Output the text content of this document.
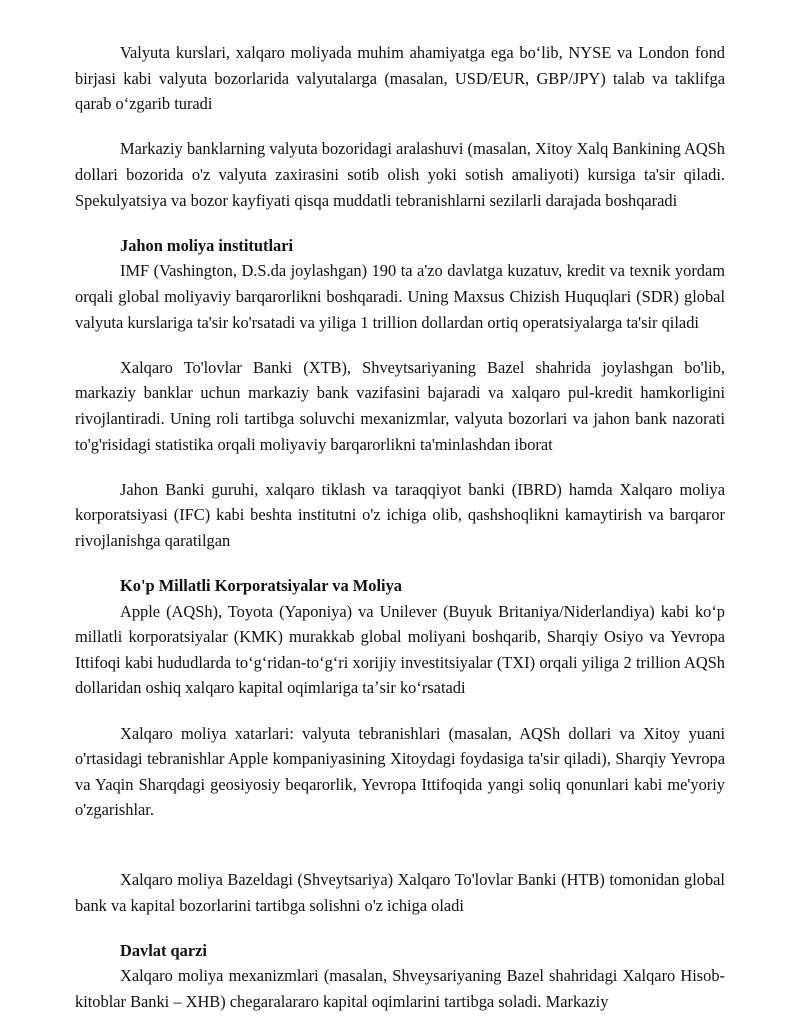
Valyuta kurslari, xalqaro moliyada muhim ahamiyatga ega boʻlib, NYSE va London fond birjasi kabi valyuta bozorlarida valyutalarga (masalan, USD/EUR, GBP/JPY) talab va taklifga qarab oʻzgarib turadi

Markaziy banklarning valyuta bozoridagi aralashuvi (masalan, Xitoy Xalq Bankining AQSh dollari bozorida o'z valyuta zaxirasini sotib olish yoki sotish amaliyoti) kursiga ta'sir qiladi. Spekulyatsiya va bozor kayfiyati qisqa muddatli tebranishlarni sezilarli darajada boshqaradi

Jahon moliya institutlari

IMF (Vashington, D.S.da joylashgan) 190 ta a'zo davlatga kuzatuv, kredit va texnik yordam orqali global moliyaviy barqarorlikni boshqaradi. Uning Maxsus Chizish Huquqlari (SDR) global valyuta kurslariga ta'sir ko'rsatadi va yiliga 1 trillion dollardan ortiq operatsiyalarga ta'sir qiladi

Xalqaro To'lovlar Banki (XTB), Shveytsariyaning Bazel shahrida joylashgan bo'lib, markaziy banklar uchun markaziy bank vazifasini bajaradi va xalqaro pul-kredit hamkorligini rivojlantiradi. Uning roli tartibga soluvchi mexanizmlar, valyuta bozorlari va jahon bank nazorati to'g'risidagi statistika orqali moliyaviy barqarorlikni ta'minlashdan iborat

Jahon Banki guruhi, xalqaro tiklash va taraqqiyot banki (IBRD) hamda Xalqaro moliya korporatsiyasi (IFC) kabi beshta institutni o'z ichiga olib, qashshoqlikni kamaytirish va barqaror rivojlanishga qaratilgan

Ko'p Millatli Korporatsiyalar va Moliya

Apple (AQSh), Toyota (Yaponiya) va Unilever (Buyuk Britaniya/Niderlandiya) kabi koʻp millatli korporatsiyalar (KMK) murakkab global moliyani boshqarib, Sharqiy Osiyo va Yevropa Ittifoqi kabi hududlarda toʻgʻridan-toʻgʻri xorijiy investitsiyalar (TXI) orqali yiliga 2 trillion AQSh dollaridan oshiq xalqaro kapital oqimlariga taʼsir koʻrsatadi

Xalqaro moliya xatarlari: valyuta tebranishlari (masalan, AQSh dollari va Xitoy yuani o'rtasidagi tebranishlar Apple kompaniyasining Xitoydagi foydasiga ta'sir qiladi), Sharqiy Yevropa va Yaqin Sharqdagi geosiyosiy beqarorlik, Yevropa Ittifoqida yangi soliq qonunlari kabi me'yoriy o'zgarishlar.

Xalqaro moliya Bazeldagi (Shveytsariya) Xalqaro To'lovlar Banki (HTB) tomonidan global bank va kapital bozorlarini tartibga solishni o'z ichiga oladi

Davlat qarzi

Xalqaro moliya mexanizmlari (masalan, Shveysariyaning Bazel shahridagi Xalqaro Hisob-kitoblar Banki – XHB) chegaralararo kapital oqimlarini tartibga soladi. Markaziy
